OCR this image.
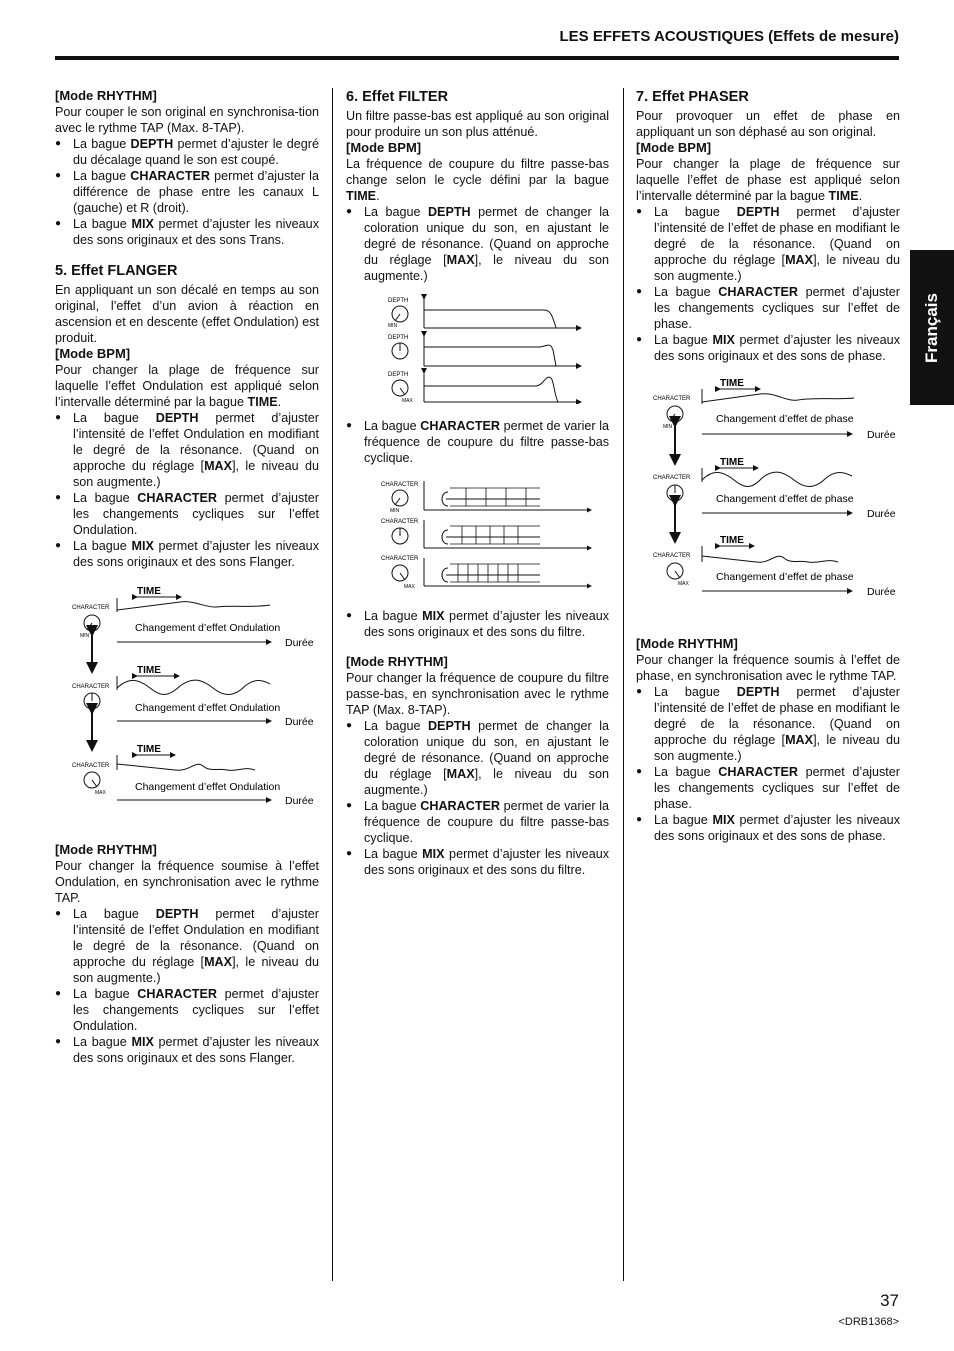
LES EFFETS ACOUSTIQUES (Effets de mesure)
Français
[Mode RHYTHM]

Pour couper le son original en synchronisa-tion avec le rythme TAP (Max. 8-TAP).

● La bague DEPTH permet d’ajuster le degré du décalage quand le son est coupé.
● La bague CHARACTER permet d’ajuster la différence de phase entre les canaux L (gauche) et R (droit).
● La bague MIX permet d’ajuster les niveaux des sons originaux et des sons Trans.
5. Effet FLANGER

En appliquant un son décalé en temps au son original, l’effet d’un avion à réaction en ascension et en descente (effet Ondulation) est produit.

[Mode BPM]

Pour changer la plage de fréquence sur laquelle l’effet Ondulation est appliqué selon l’intervalle déterminé par la bague TIME.

● La bague DEPTH permet d’ajuster l’intensité de l’effet Ondulation en modifiant le degré de la résonance. (Quand on approche du réglage [MAX], le niveau du son augmente.)
● La bague CHARACTER permet d’ajuster les changements cycliques sur l’effet Ondulation.
● La bague MIX permet d’ajuster les niveaux des sons originaux et des sons Flanger.
TIME
CHARACTER
MIN
Changement d’effet Ondulation
Durée
TIME
CHARACTER
Changement d’effet Ondulation
Durée
TIME
CHARACTER
MAX	Changement d’effet Ondulation
Durée
[Mode RHYTHM]

Pour changer la fréquence soumise à l’effet Ondulation, en synchronisation avec le rythme TAP.

● La bague DEPTH permet d’ajuster l’intensité de l’effet Ondulation en modifiant le degré de la résonance. (Quand on approche du réglage [MAX], le niveau du son augmente.)
● La bague CHARACTER permet d’ajuster les changements cycliques sur l’effet Ondulation.
● La bague MIX permet d’ajuster les niveaux des sons originaux et des sons Flanger.
6. Effet FILTER

Un filtre passe-bas est appliqué au son original pour produire un son plus atténué.

[Mode BPM]

La fréquence de coupure du filtre passe-bas change selon le cycle défini par la bague TIME.

● La bague DEPTH permet de changer la coloration unique du son, en ajustant le degré de résonance. (Quand on approche du réglage [MAX], le niveau du son augmente.)
DEPTH
MIN
DEPTH
DEPTH
MAX
● La bague CHARACTER permet de varier la fréquence de coupure du filtre passe-bas cyclique.
CHARACTER
MIN
CHARACTER
CHARACTER
MAX
● La bague MIX permet d’ajuster les niveaux des sons originaux et des sons du filtre.
[Mode RHYTHM]

Pour changer la fréquence de coupure du filtre passe-bas, en synchronisation avec le rythme TAP (Max. 8-TAP).

● La bague DEPTH permet de changer la coloration unique du son, en ajustant le degré de résonance. (Quand on approche du réglage [MAX], le niveau du son augmente.)
● La bague CHARACTER permet de varier la fréquence de coupure du filtre passe-bas cyclique.
● La bague MIX permet d’ajuster les niveaux des sons originaux et des sons du filtre.
7. Effet PHASER

Pour provoquer un effet de phase en appliquant un son déphasé au son original.

[Mode BPM]

Pour changer la plage de fréquence sur laquelle l’effet de phase est appliqué selon l’intervalle déterminé par la bague TIME.

● La bague DEPTH permet d’ajuster l’intensité de l’effet de phase en modifiant le degré de la résonance. (Quand on approche du réglage [MAX], le niveau du son augmente.)
● La bague CHARACTER permet d’ajuster les changements cycliques sur l’effet de phase.
● La bague MIX permet d’ajuster les niveaux des sons originaux et des sons de phase.
TIME
CHARACTER
MIN
Changement d’effet de phase
Durée
TIME
CHARACTER
Changement d’effet de phase
Durée
TIME
CHARACTER
MAX
Changement d’effet de phase
Durée
[Mode RHYTHM]

Pour changer la fréquence soumis à l’effet de phase, en synchronisation avec le rythme TAP.

● La bague DEPTH permet d’ajuster l’intensité de l’effet de phase en modifiant le degré de la résonance. (Quand on approche du réglage [MAX], le niveau du son augmente.)
● La bague CHARACTER permet d’ajuster les changements cycliques sur l’effet de phase.
● La bague MIX permet d’ajuster les niveaux des sons originaux et des sons de phase.
37
<DRB1368>
